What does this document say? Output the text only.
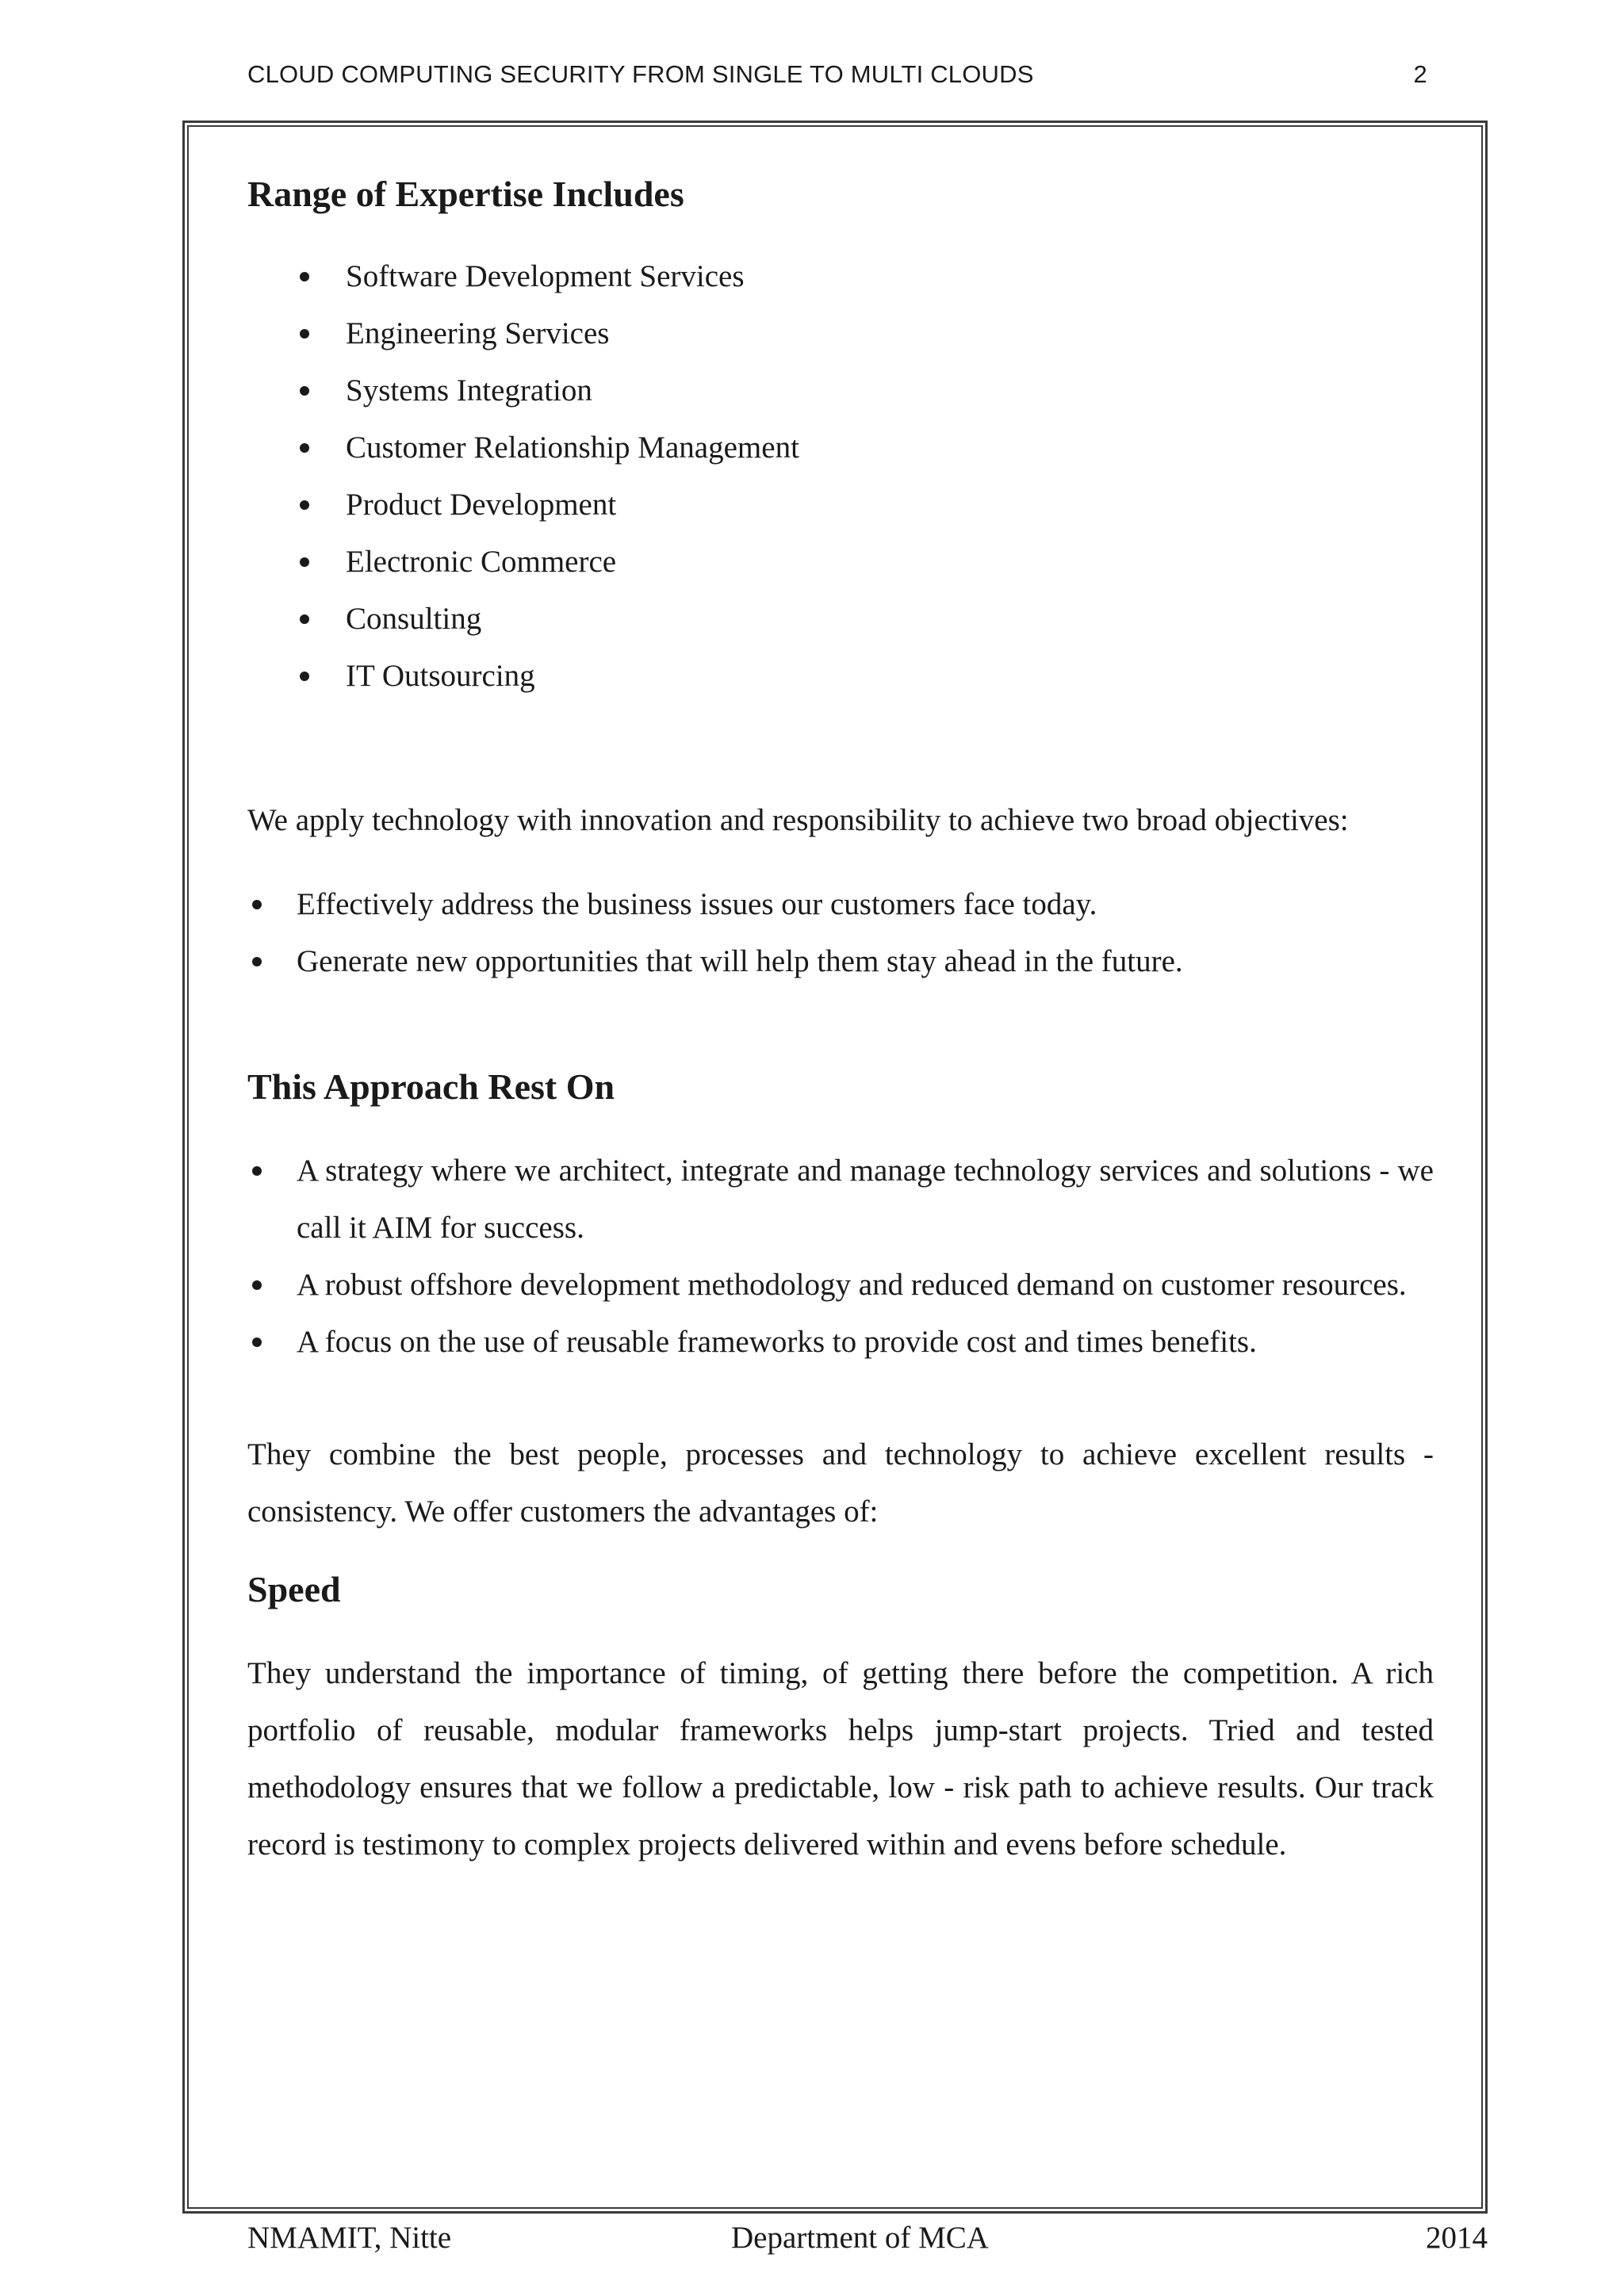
CLOUD COMPUTING SECURITY FROM SINGLE TO MULTI CLOUDS	2
Range of Expertise Includes
Software Development Services
Engineering Services
Systems Integration
Customer Relationship Management
Product Development
Electronic Commerce
Consulting
IT Outsourcing

We apply technology with innovation and responsibility to achieve two broad objectives:

Effectively address the business issues our customers face today.
Generate new opportunities that will help them stay ahead in the future.
This Approach Rest On
A strategy where we architect, integrate and manage technology services and solutions - we call it AIM for success.
A robust offshore development methodology and reduced demand on customer resources.
A focus on the use of reusable frameworks to provide cost and times benefits.

They combine the best people, processes and technology to achieve excellent results - consistency. We offer customers the advantages of:

Speed

They understand the importance of timing, of getting there before the competition. A rich portfolio of reusable, modular frameworks helps jump-start projects. Tried and tested methodology ensures that we follow a predictable, low - risk path to achieve results. Our track record is testimony to complex projects delivered within and evens before schedule.

NMAMIT, Nitte	Department of MCA	2014
